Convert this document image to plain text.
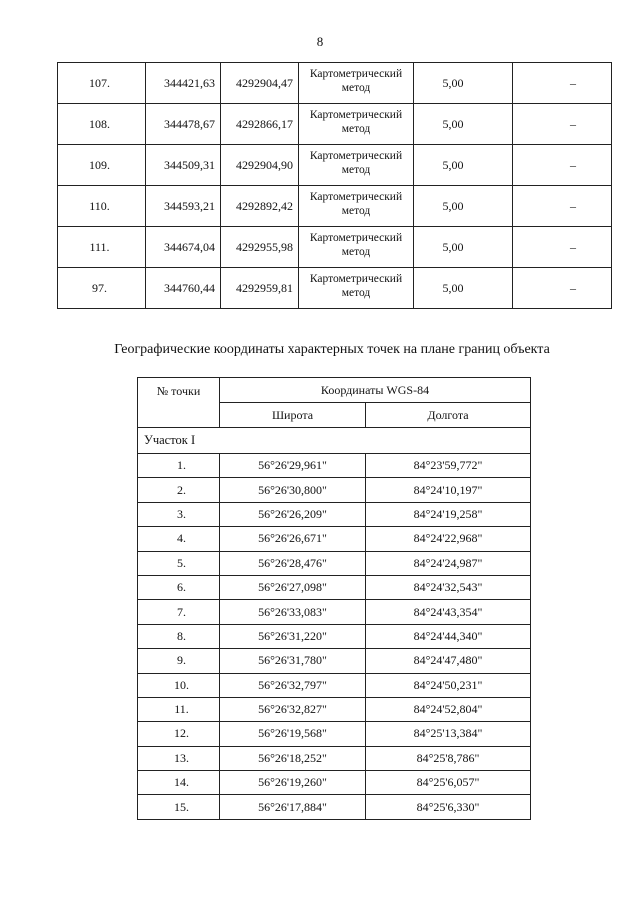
8
107.	344421,63	4292904,47	Картометрический метод	5,00	–
108.	344478,67	4292866,17	Картометрический метод	5,00	–
109.	344509,31	4292904,90	Картометрический метод	5,00	–
110.	344593,21	4292892,42	Картометрический метод	5,00	–
111.	344674,04	4292955,98	Картометрический метод	5,00	–
97.	344760,44	4292959,81	Картометрический метод	5,00	–
Географические координаты характерных точек на плане границ объекта
№ точки	Координаты WGS-84	
	Широта	Долгота
Участок I		
1.	56°26'29,961"	84°23'59,772"
2.	56°26'30,800"	84°24'10,197"
3.	56°26'26,209"	84°24'19,258"
4.	56°26'26,671"	84°24'22,968"
5.	56°26'28,476"	84°24'24,987"
6.	56°26'27,098"	84°24'32,543"
7.	56°26'33,083"	84°24'43,354"
8.	56°26'31,220"	84°24'44,340"
9.	56°26'31,780"	84°24'47,480"
10.	56°26'32,797"	84°24'50,231"
11.	56°26'32,827"	84°24'52,804"
12.	56°26'19,568"	84°25'13,384"
13.	56°26'18,252"	84°25'8,786"
14.	56°26'19,260"	84°25'6,057"
15.	56°26'17,884"	84°25'6,330"
